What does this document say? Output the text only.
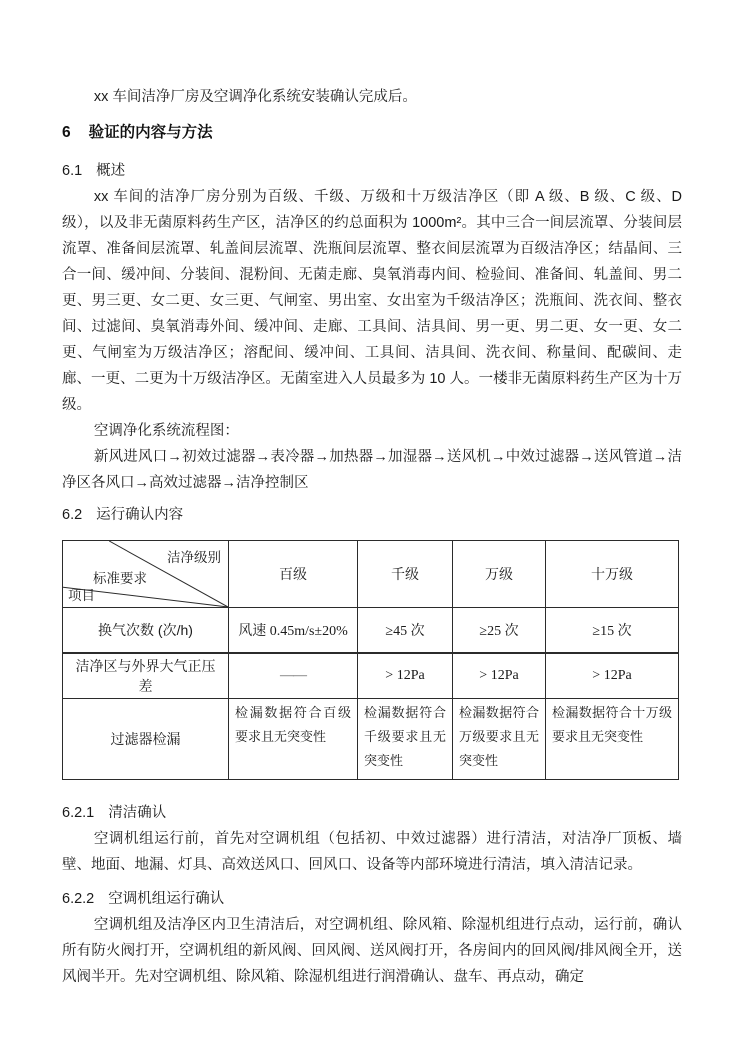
xx 车间洁净厂房及空调净化系统安装确认完成后。

6 验证的内容与方法
6.1 概述

xx 车间的洁净厂房分别为百级、千级、万级和十万级洁净区（即 A 级、B 级、C 级、D 级），以及非无菌原料药生产区，洁净区的约总面积为 1000m²。其中三合一间层流罩、分装间层流罩、准备间层流罩、轧盖间层流罩、洗瓶间层流罩、整衣间层流罩为百级洁净区；结晶间、三合一间、缓冲间、分装间、混粉间、无菌走廊、臭氧消毒内间、检验间、准备间、轧盖间、男二更、男三更、女二更、女三更、气闸室、男出室、女出室为千级洁净区；洗瓶间、洗衣间、整衣间、过滤间、臭氧消毒外间、缓冲间、走廊、工具间、洁具间、男一更、男二更、女一更、女二更、气闸室为万级洁净区；溶配间、缓冲间、工具间、洁具间、洗衣间、称量间、配碳间、走廊、一更、二更为十万级洁净区。无菌室进入人员最多为 10 人。一楼非无菌原料药生产区为十万级。

空调净化系统流程图：

新风进风口→初效过滤器→表冷器→加热器→加湿器→送风机→中效过滤器→送风管道→洁净区各风口→高效过滤器→洁净控制区

6.2 运行确认内容
洁净级别
标准要求
项目	百级	千级	万级	十万级
换气次数 (次/h)	风速 0.45m/s±20%	≥45 次	≥25 次	≥15 次
洁净区与外界大气正压差	——	> 12Pa	> 12Pa	> 12Pa
过滤器检漏	检漏数据符合百级要求且无突变性	检漏数据符合千级要求且无突变性	检漏数据符合万级要求且无突变性	检漏数据符合十万级要求且无突变性
6.2.1 清洁确认

空调机组运行前，首先对空调机组（包括初、中效过滤器）进行清洁，对洁净厂顶板、墙壁、地面、地漏、灯具、高效送风口、回风口、设备等内部环境进行清洁，填入清洁记录。

6.2.2 空调机组运行确认

空调机组及洁净区内卫生清洁后，对空调机组、除风箱、除湿机组进行点动，运行前，确认所有防火阀打开，空调机组的新风阀、回风阀、送风阀打开，各房间内的回风阀/排风阀全开，送风阀半开。先对空调机组、除风箱、除湿机组进行润滑确认、盘车、再点动，确定
